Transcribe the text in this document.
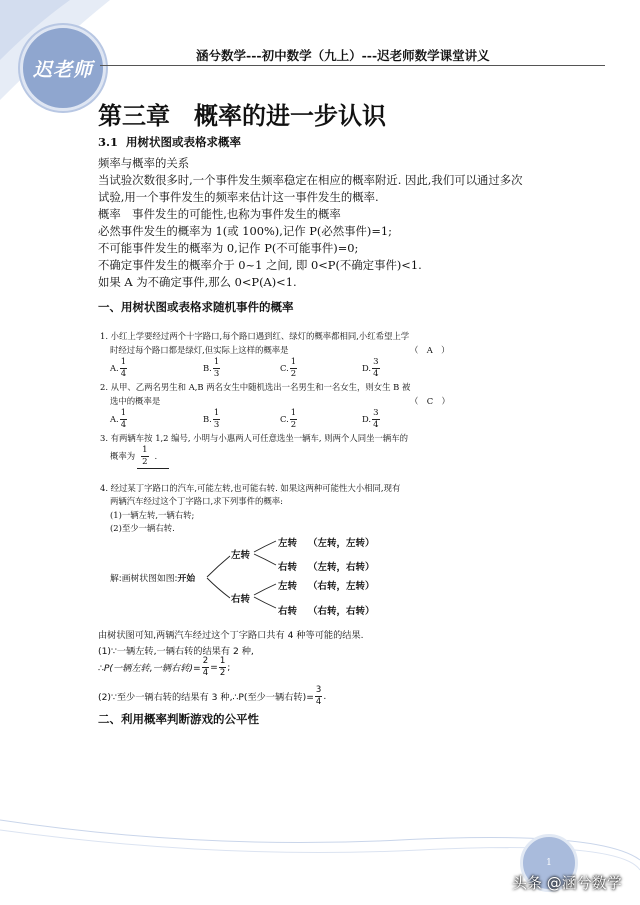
迟老师
涵兮数学---初中数学（九上）---迟老师数学课堂讲义
第三章　概率的进一步认识
3.1  用树状图或表格求概率
频率与概率的关系
当试验次数很多时,一个事件发生频率稳定在相应的概率附近. 因此,我们可以通过多次
试验,用一个事件发生的频率来估计这一事件发生的概率.
概率　事件发生的可能性,也称为事件发生的概率
必然事件发生的概率为 1(或 100%),记作 P(必然事件)=1;
不可能事件发生的概率为 0,记作 P(不可能事件)=0;
不确定事件发生的概率介于 0~1 之间, 即 0<P(不确定事件)<1.
如果 A 为不确定事件,那么 0<P(A)<1.
一、用树状图或表格求随机事件的概率
1. 小红上学要经过两个十字路口,每个路口遇到红、绿灯的概率都相同,小红希望上学
时经过每个路口都是绿灯,但实际上这样的概率是	（　A　）
A. $\frac{1}{4}$	B. $\frac{1}{3}$	C. $\frac{1}{2}$	D. $\frac{3}{4}$
2. 从甲、乙两名男生和 A,B 两名女生中随机选出一名男生和一名女生，则女生 B 被
选中的概率是	（　C　）
A. $\frac{1}{4}$	B. $\frac{1}{3}$	C. $\frac{1}{2}$	D. $\frac{3}{4}$
3. 有两辆车按 1,2 编号, 小明与小惠两人可任意选坐一辆车, 则两个人同坐一辆车的
概率为 $\frac{1}{2}$ .
4. 经过某丁字路口的汽车,可能左转,也可能右转. 如果这两种可能性大小相同,现有
两辆汽车经过这个丁字路口,求下列事件的概率:
(1)一辆左转,一辆右转;
(2)至少一辆右转.
解:画树状图如图:开始
左转
右转
左转
右转
左转
右转
（左转，左转）
（左转，右转）
（右转，左转）
（右转，右转）
由树状图可知,两辆汽车经过这个丁字路口共有 4 种等可能的结果.
(1)∵一辆左转,一辆右转的结果有 2 种,
∴P(一辆左转,一辆右转)= $\frac{2}{4} = \frac{1}{2}$ ;
(2)∵至少一辆右转的结果有 3 种,∴P(至少一辆右转)= $\frac{3}{4}$ .
二、利用概率判断游戏的公平性
1
头条 @涵兮数学
